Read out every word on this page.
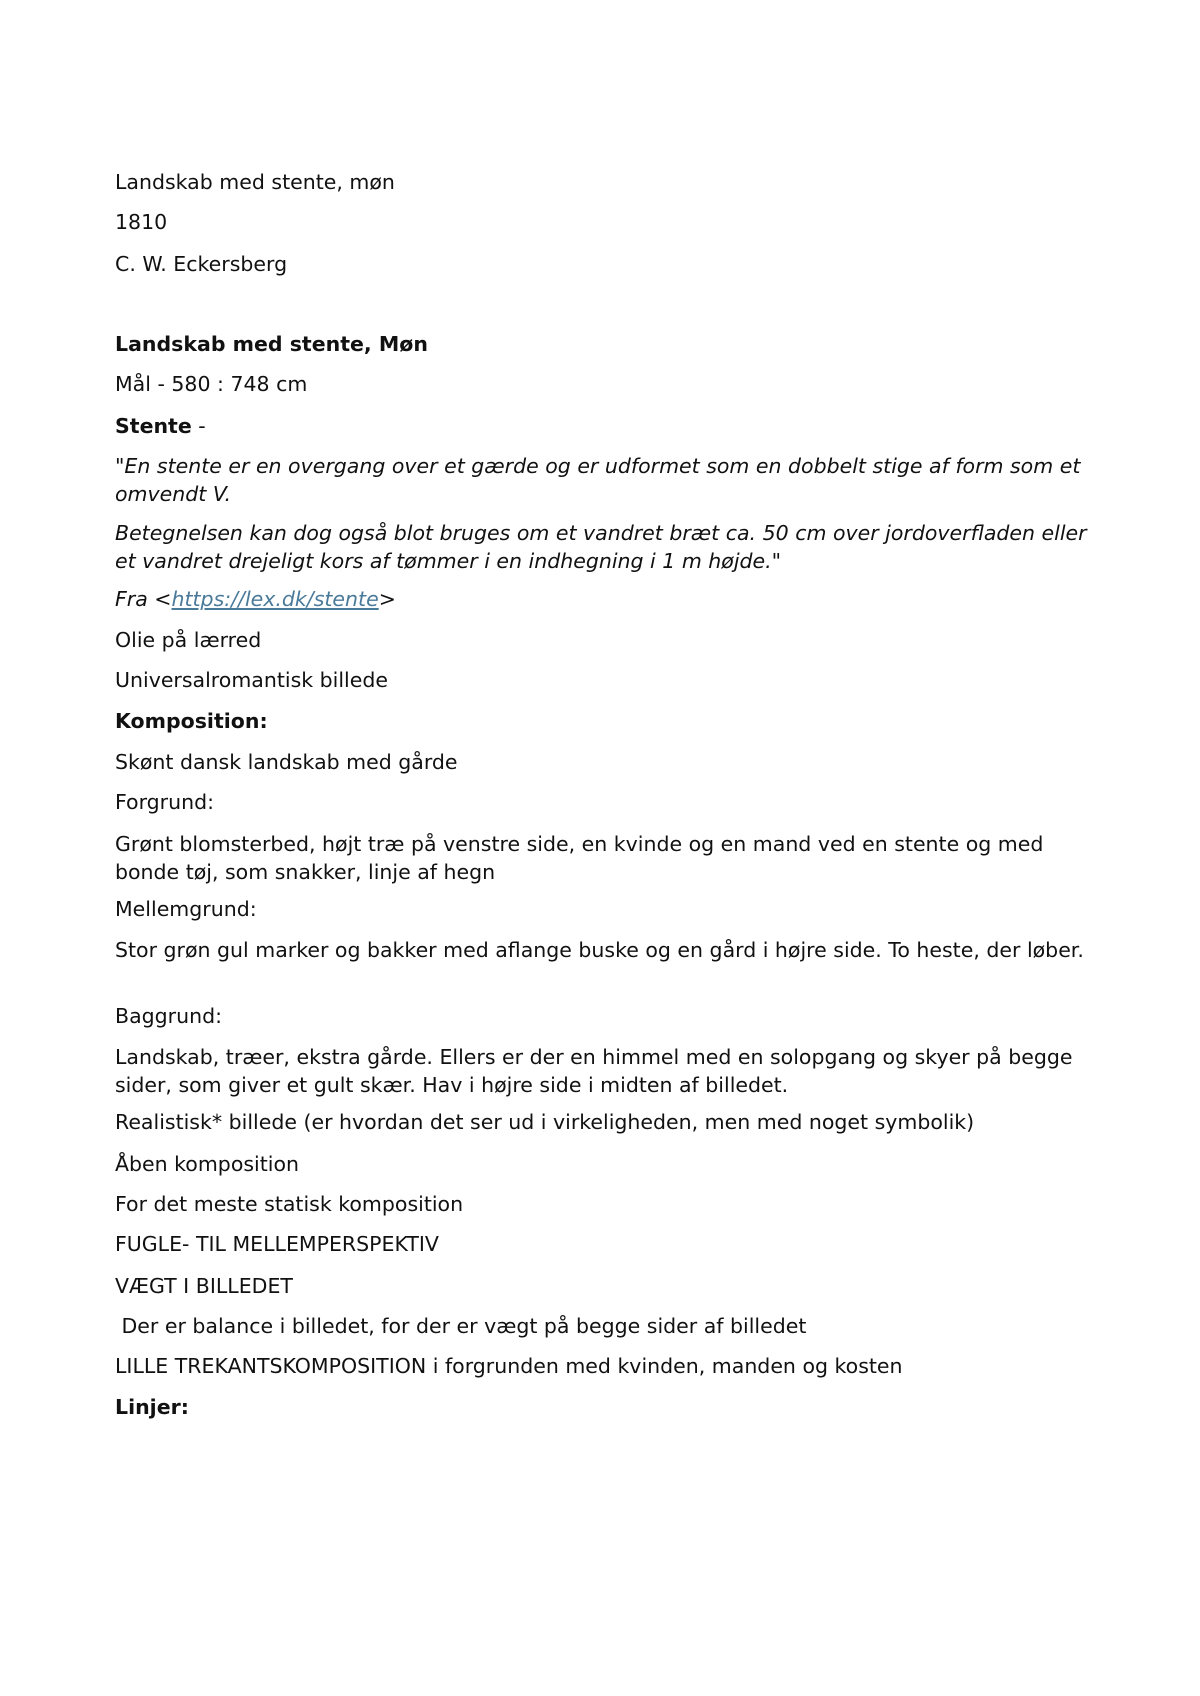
Landskab med stente, møn

1810

C. W. Eckersberg

Landskab med stente, Møn

Mål - 580 : 748 cm

Stente -

"En stente er en overgang over et gærde og er udformet som en dobbelt stige af form som et omvendt V.

Betegnelsen kan dog også blot bruges om et vandret bræt ca. 50 cm over jordoverfladen eller et vandret drejeligt kors af tømmer i en indhegning i 1 m højde."

Fra <https://lex.dk/stente>

Olie på lærred

Universalromantisk billede

Komposition:

Skønt dansk landskab med gårde

Forgrund:

Grønt blomsterbed, højt træ på venstre side, en kvinde og en mand ved en stente og med bonde tøj, som snakker, linje af hegn

Mellemgrund:

Stor grøn gul marker og bakker med aflange buske og en gård i højre side. To heste, der løber.

Baggrund:

Landskab, træer, ekstra gårde. Ellers er der en himmel med en solopgang og skyer på begge sider, som giver et gult skær. Hav i højre side i midten af billedet.

Realistisk* billede (er hvordan det ser ud i virkeligheden, men med noget symbolik)

Åben komposition

For det meste statisk komposition

FUGLE- TIL MELLEMPERSPEKTIV

VÆGT I BILLEDET

Der er balance i billedet, for der er vægt på begge sider af billedet

LILLE TREKANTSKOMPOSITION i forgrunden med kvinden, manden og kosten

Linjer:
